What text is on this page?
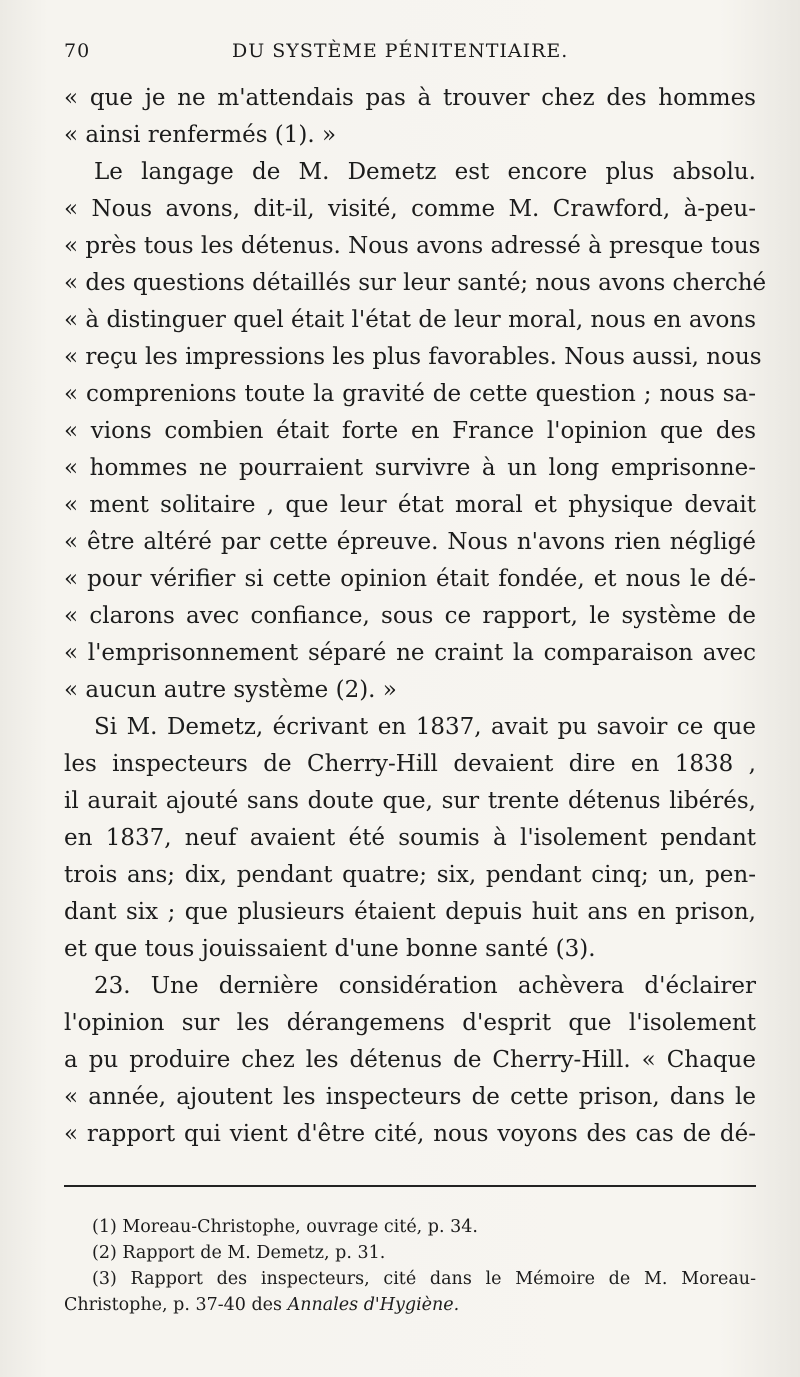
70	DU SYSTÈME PÉNITENTIAIRE.
« que je ne m'attendais pas à trouver chez des hommes
« ainsi renfermés (1). »
Le langage de M. Demetz est encore plus absolu.
« Nous avons, dit-il, visité, comme M. Crawford, à-peu-
« près tous les détenus. Nous avons adressé à presque tous
« des questions détaillés sur leur santé; nous avons cherché
« à distinguer quel était l'état de leur moral, nous en avons
« reçu les impressions les plus favorables. Nous aussi, nous
« comprenions toute la gravité de cette question ; nous sa-
« vions combien était forte en France l'opinion que des
« hommes ne pourraient survivre à un long emprisonne-
« ment solitaire , que leur état moral et physique devait
« être altéré par cette épreuve. Nous n'avons rien négligé
« pour vérifier si cette opinion était fondée, et nous le dé-
« clarons avec confiance, sous ce rapport, le système de
« l'emprisonnement séparé ne craint la comparaison avec
« aucun autre système (2). »
Si M. Demetz, écrivant en 1837, avait pu savoir ce que
les inspecteurs de Cherry-Hill devaient dire en 1838 ,
il aurait ajouté sans doute que, sur trente détenus libérés,
en 1837, neuf avaient été soumis à l'isolement pendant
trois ans; dix, pendant quatre; six, pendant cinq; un, pen-
dant six ; que plusieurs étaient depuis huit ans en prison,
et que tous jouissaient d'une bonne santé (3).
23. Une dernière considération achèvera d'éclairer
l'opinion sur les dérangemens d'esprit que l'isolement
a pu produire chez les détenus de Cherry-Hill. « Chaque
« année, ajoutent les inspecteurs de cette prison, dans le
« rapport qui vient d'être cité, nous voyons des cas de dé-
(1) Moreau-Christophe, ouvrage cité, p. 34.
(2) Rapport de M. Demetz, p. 31.
(3) Rapport des inspecteurs, cité dans le Mémoire de M. Moreau-
Christophe, p. 37-40 des Annales d'Hygiène.
